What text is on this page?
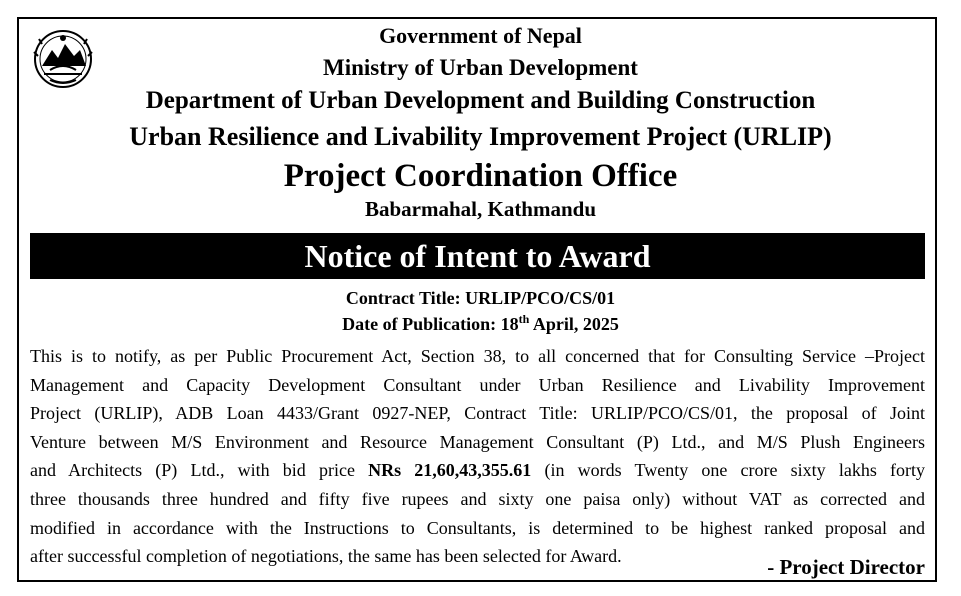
Government of Nepal
Ministry of Urban Development
Department of Urban Development and Building Construction
Urban Resilience and Livability Improvement Project (URLIP)
Project Coordination Office
Babarmahal, Kathmandu
Notice of Intent to Award
Contract Title: URLIP/PCO/CS/01
Date of Publication: 18th April, 2025
This is to notify, as per Public Procurement Act, Section 38, to all concerned that for Consulting Service –Project
Management and Capacity Development Consultant under Urban Resilience and Livability Improvement
Project (URLIP), ADB Loan 4433/Grant 0927-NEP, Contract Title: URLIP/PCO/CS/01, the proposal of Joint
Venture between M/S Environment and Resource Management Consultant (P) Ltd., and M/S Plush Engineers
and Architects (P) Ltd., with bid price NRs 21,60,43,355.61 (in words Twenty one crore sixty lakhs forty
three thousands three hundred and fifty five rupees and sixty one paisa only) without VAT as corrected and
modified in accordance with the Instructions to Consultants, is determined to be highest ranked proposal and
after successful completion of negotiations, the same has been selected for Award.	- Project Director
